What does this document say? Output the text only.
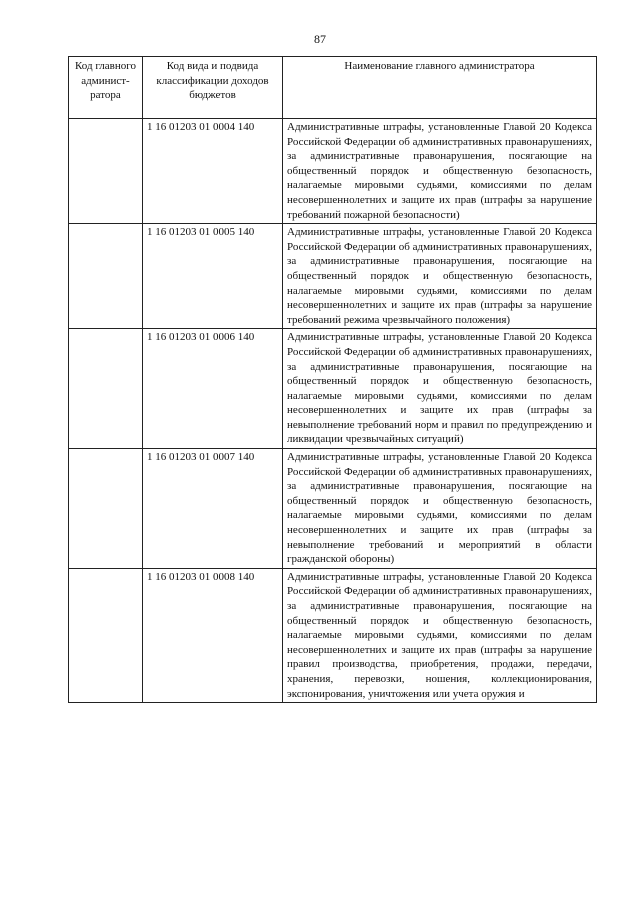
87
Код главного админист-ратора	Код вида и подвида классификации доходов бюджетов	Наименование главного администратора
	1 16 01203 01 0004 140	Административные штрафы, установленные Главой 20 Кодекса Российской Федерации об административных правонарушениях, за административные правонарушения, посягающие на общественный порядок и общественную безопасность, налагаемые мировыми судьями, комиссиями по делам несовершеннолетних и защите их прав (штрафы за нарушение требований пожарной безопасности)
	1 16 01203 01 0005 140	Административные штрафы, установленные Главой 20 Кодекса Российской Федерации об административных правонарушениях, за административные правонарушения, посягающие на общественный порядок и общественную безопасность, налагаемые мировыми судьями, комиссиями по делам несовершеннолетних и защите их прав (штрафы за нарушение требований режима чрезвычайного положения)
	1 16 01203 01 0006 140	Административные штрафы, установленные Главой 20 Кодекса Российской Федерации об административных правонарушениях, за административные правонарушения, посягающие на общественный порядок и общественную безопасность, налагаемые мировыми судьями, комиссиями по делам несовершеннолетних и защите их прав (штрафы за невыполнение требований норм и правил по предупреждению и ликвидации чрезвычайных ситуаций)
	1 16 01203 01 0007 140	Административные штрафы, установленные Главой 20 Кодекса Российской Федерации об административных правонарушениях, за административные правонарушения, посягающие на общественный порядок и общественную безопасность, налагаемые мировыми судьями, комиссиями по делам несовершеннолетних и защите их прав (штрафы за невыполнение требований и мероприятий в области гражданской обороны)
	1 16 01203 01 0008 140	Административные штрафы, установленные Главой 20 Кодекса Российской Федерации об административных правонарушениях, за административные правонарушения, посягающие на общественный порядок и общественную безопасность, налагаемые мировыми судьями, комиссиями по делам несовершеннолетних и защите их прав (штрафы за нарушение правил производства, приобретения, продажи, передачи, хранения, перевозки, ношения, коллекционирования, экспонирования, уничтожения или учета оружия и
